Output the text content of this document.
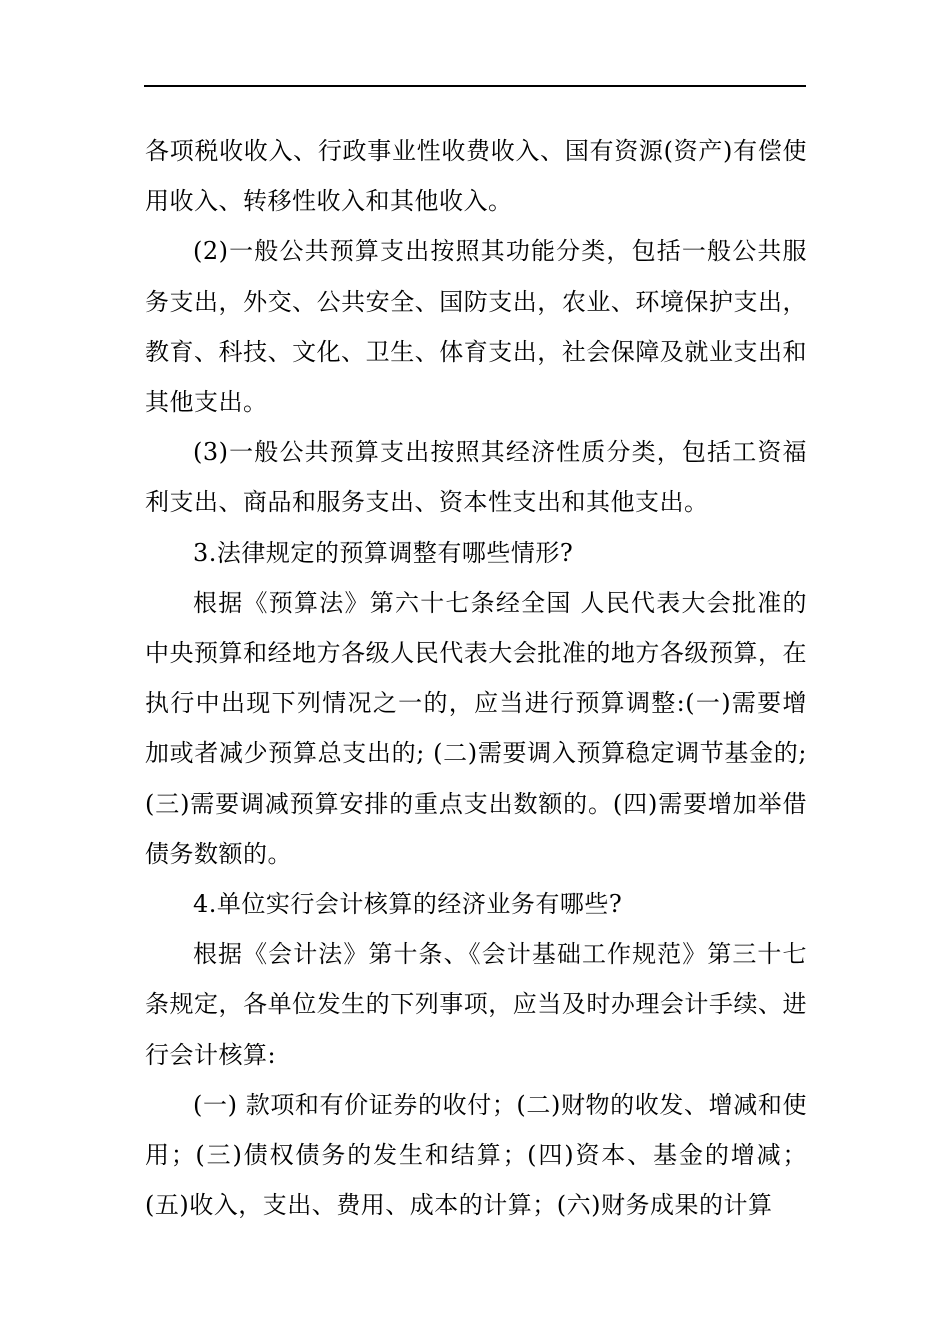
各项税收收入、行政事业性收费收入、国有资源(资产)有偿使用收入、转移性收入和其他收入。

(2)一般公共预算支出按照其功能分类，包括一般公共服务支出，外交、公共安全、国防支出，农业、环境保护支出，教育、科技、文化、卫生、体育支出，社会保障及就业支出和其他支出。

(3)一般公共预算支出按照其经济性质分类，包括工资福利支出、商品和服务支出、资本性支出和其他支出。

3.法律规定的预算调整有哪些情形?

根据《预算法》第六十七条经全国 人民代表大会批准的中央预算和经地方各级人民代表大会批准的地方各级预算，在执行中出现下列情况之一的，应当进行预算调整:(一)需要增加或者减少预算总支出的; (二)需要调入预算稳定调节基金的;(三)需要调减预算安排的重点支出数额的。(四)需要增加举借债务数额的。

4.单位实行会计核算的经济业务有哪些?

根据《会计法》第十条、《会计基础工作规范》第三十七条规定，各单位发生的下列事项，应当及时办理会计手续、进行会计核算:

(一) 款项和有价证券的收付；(二)财物的收发、增减和使用；(三)债权债务的发生和结算；(四)资本、基金的增减；(五)收入，支出、费用、成本的计算；(六)财务成果的计算
